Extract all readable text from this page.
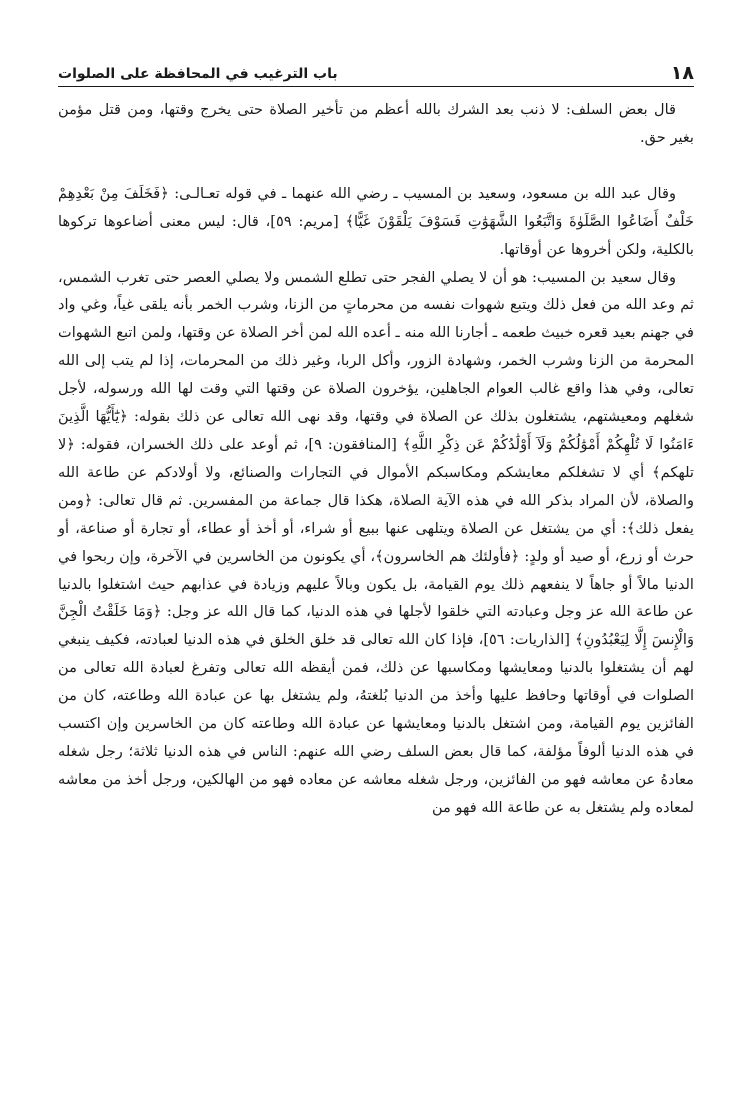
باب الترغيب في المحافظة على الصلوات	١٨

قال بعض السلف: لا ذنب بعد الشرك بالله أعظم من تأخير الصلاة حتى يخرج وقتها، ومن قتل مؤمن بغير حق.

وقال عبد الله بن مسعود، وسعيد بن المسيب ـ رضي الله عنهما ـ في قوله تعـالـى: ﴿فَخَلَفَ مِنْ بَعْدِهِمْ خَلْفٌ أَضَاعُوا الصَّلَوٰةَ وَاتَّبَعُوا الشَّهَوَٰتِ فَسَوْفَ يَلْقَوْنَ غَيًّا﴾ [مريم: ٥٩]، قال: ليس معنى أضاعوها تركوها بالكلية، ولكن أخروها عن أوقاتها.

وقال سعيد بن المسيب: هو أن لا يصلي الفجر حتى تطلع الشمس ولا يصلي العصر حتى تغرب الشمس، ثم وعد الله من فعل ذلك ويتبع شهوات نفسه من محرماتٍ من الزنا، وشرب الخمر بأنه يلقى غياً، وغي واد في جهنم بعيد قعره خبيث طعمه ـ أجارنا الله منه ـ أعده الله لمن أخر الصلاة عن وقتها، ولمن اتبع الشهوات المحرمة من الزنا وشرب الخمر، وشهادة الزور، وأكل الربا، وغير ذلك من المحرمات، إذا لم يتب إلى الله تعالى، وفي هذا واقع غالب العوام الجاهلين، يؤخرون الصلاة عن وقتها التي وقت لها الله ورسوله، لأجل شغلهم ومعيشتهم، يشتغلون بذلك عن الصلاة في وقتها، وقد نهى الله تعالى عن ذلك بقوله: ﴿يَٰٓأَيُّهَا الَّذِينَ ءَامَنُوا لَا تُلْهِكُمْ أَمْوَٰلُكُمْ وَلَآ أَوْلَٰدُكُمْ عَن ذِكْرِ اللَّهِ﴾ [المنافقون: ٩]، ثم أوعد على ذلك الخسران، فقوله: ﴿لا تلهكم﴾ أي لا تشغلكم معايشكم ومكاسبكم الأموال في التجارات والصنائع، ولا أولادكم عن طاعة الله والصلاة، لأن المراد بذكر الله في هذه الآية الصلاة، هكذا قال جماعة من المفسرين. ثم قال تعالى: ﴿ومن يفعل ذلك﴾: أي من يشتغل عن الصلاة ويتلهى عنها ببيع أو شراء، أو أخذ أو عطاء، أو تجارة أو صناعة، أو حرث أو زرع، أو صيد أو ولدٍ: ﴿فأولئك هم الخاسرون﴾، أي يكونون من الخاسرين في الآخرة، وإن ربحوا في الدنيا مالاً أو جاهاً لا ينفعهم ذلك يوم القيامة، بل يكون وبالاً عليهم وزيادة في عذابهم حيث اشتغلوا بالدنيا عن طاعة الله عز وجل وعبادته التي خلقوا لأجلها في هذه الدنيا، كما قال الله عز وجل: ﴿وَمَا خَلَقْتُ الْجِنَّ وَالْإِنسَ إِلَّا لِيَعْبُدُونِ﴾ [الذاريات: ٥٦]، فإذا كان الله تعالى قد خلق الخلق في هذه الدنيا لعبادته، فكيف ينبغي لهم أن يشتغلوا بالدنيا ومعايشها ومكاسبها عن ذلك، فمن أيقظه الله تعالى وتفرغ لعبادة الله تعالى من الصلوات في أوقاتها وحافظ عليها وأخذ من الدنيا بُلغتهُ، ولم يشتغل بها عن عبادة الله وطاعته، كان من الفائزين يوم القيامة، ومن اشتغل بالدنيا ومعايشها عن عبادة الله وطاعته كان من الخاسرين وإن اكتسب في هذه الدنيا ألوفاً مؤلفة، كما قال بعض السلف رضي الله عنهم: الناس في هذه الدنيا ثلاثة؛ رجل شغله معادهُ عن معاشه فهو من الفائزين، ورجل شغله معاشه عن معاده فهو من الهالكين، ورجل أخذ من معاشه لمعاده ولم يشتغل به عن طاعة الله فهو من
